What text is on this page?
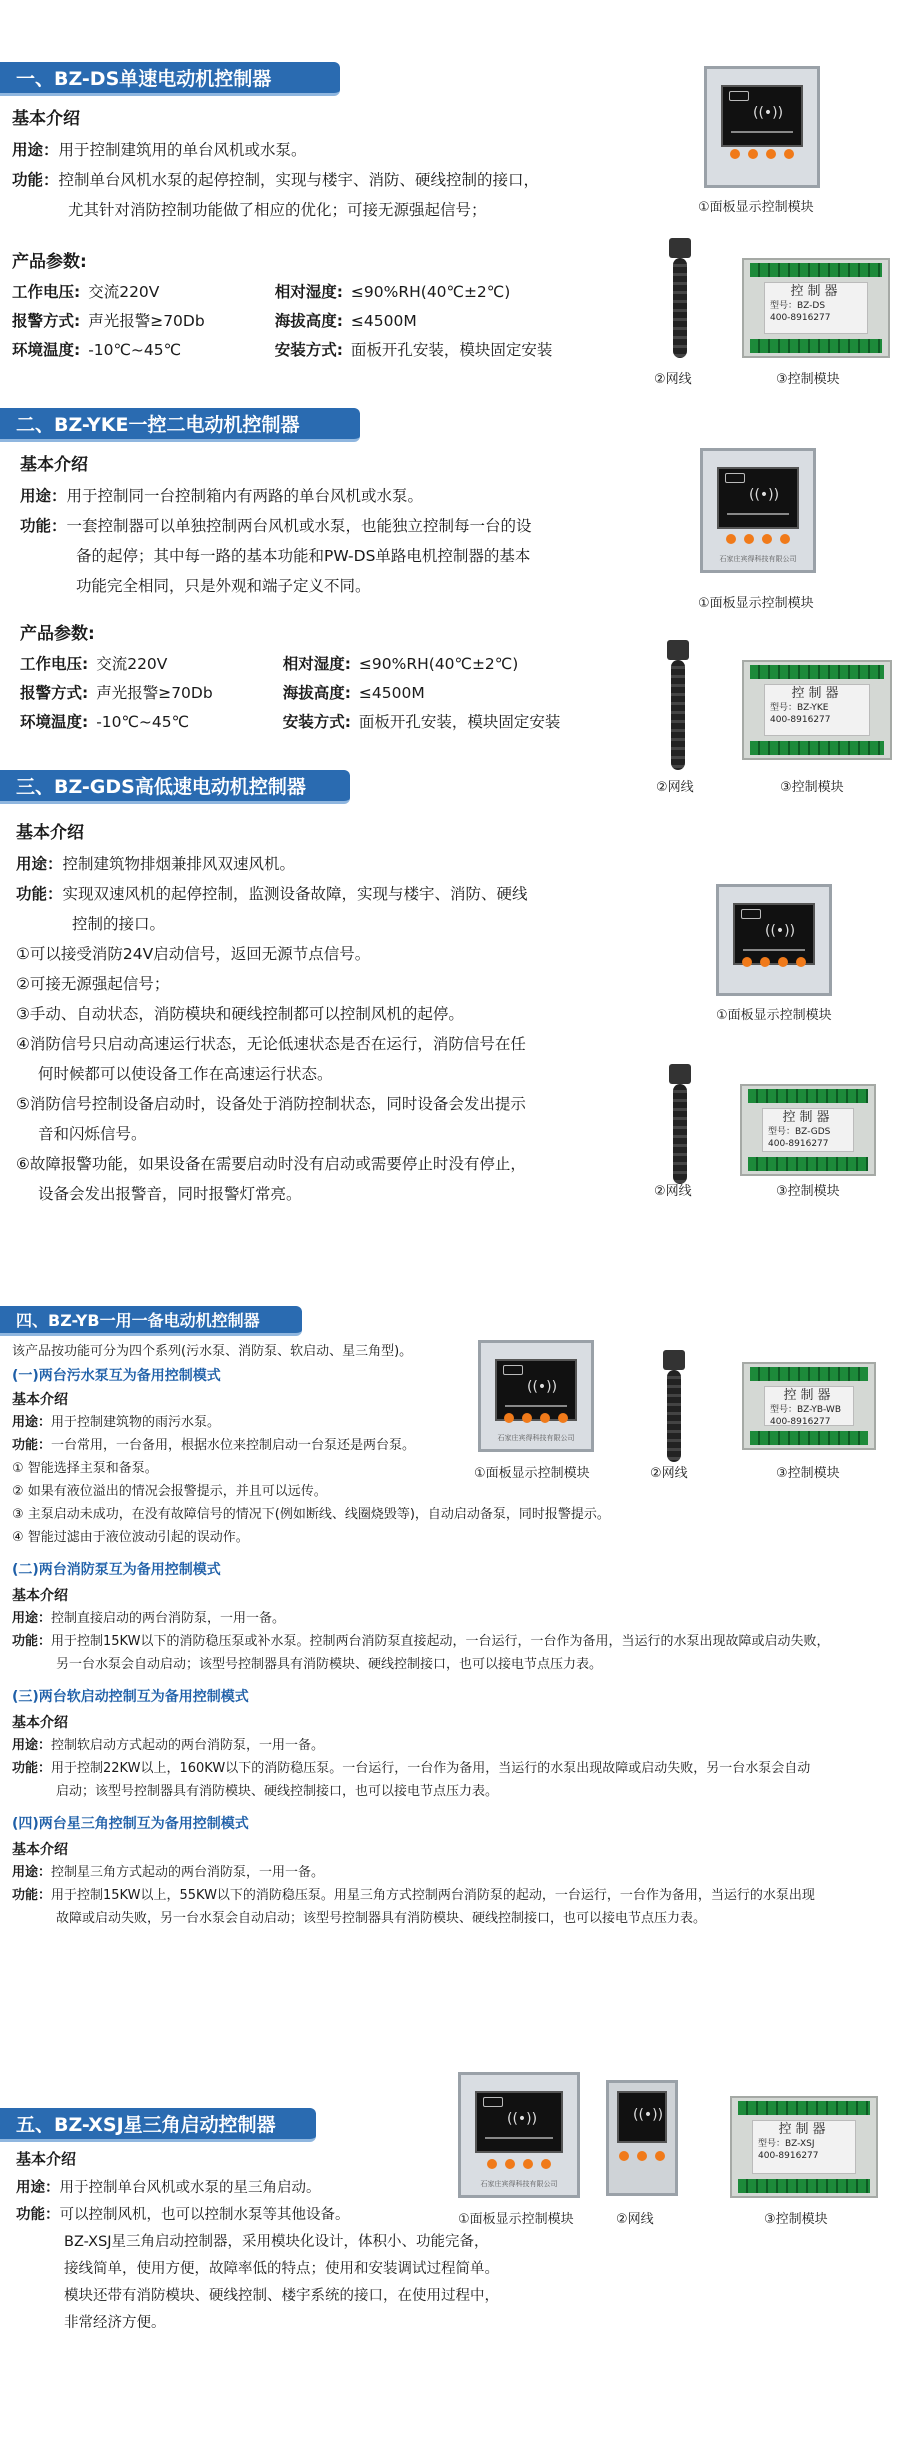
一、BZ-DS单速电动机控制器

基本介绍

用途：用于控制建筑用的单台风机或水泵。

功能：控制单台风机水泵的起停控制，实现与楼宇、消防、硬线控制的接口，

尤其针对消防控制功能做了相应的优化；可接无源强起信号；

产品参数:

工作电压:	交流220V	相对湿度:	≤90%RH(40℃±2℃)
报警方式:	声光报警≥70Db	海拔高度:	≤4500M
环境温度:	-10℃~45℃	安装方式:	面板开孔安装，模块固定安装
((•))
①面板显示控制模块
②网线
控制器
型号：BZ-DS
400-8916277
③控制模块
二、BZ-YKE一控二电动机控制器

基本介绍

用途：用于控制同一台控制箱内有两路的单台风机或水泵。

功能：一套控制器可以单独控制两台风机或水泵，也能独立控制每一台的设

备的起停；其中每一路的基本功能和PW-DS单路电机控制器的基本

功能完全相同，只是外观和端子定义不同。

产品参数:

工作电压:	交流220V	相对湿度:	≤90%RH(40℃±2℃)
报警方式:	声光报警≥70Db	海拔高度:	≤4500M
环境温度:	-10℃~45℃	安装方式:	面板开孔安装，模块固定安装
((•))
石家庄宾得科技有限公司
①面板显示控制模块
②网线
控制器
型号：BZ-YKE
400-8916277
③控制模块
三、BZ-GDS高低速电动机控制器

基本介绍

用途：控制建筑物排烟兼排风双速风机。

功能：实现双速风机的起停控制，监测设备故障，实现与楼宇、消防、硬线

控制的接口。

①可以接受消防24V启动信号，返回无源节点信号。

②可接无源强起信号；

③手动、自动状态，消防模块和硬线控制都可以控制风机的起停。

④消防信号只启动高速运行状态，无论低速状态是否在运行，消防信号在任

何时候都可以使设备工作在高速运行状态。

⑤消防信号控制设备启动时，设备处于消防控制状态，同时设备会发出提示

音和闪烁信号。

⑥故障报警功能，如果设备在需要启动时没有启动或需要停止时没有停止，

设备会发出报警音，同时报警灯常亮。

((•))
①面板显示控制模块
②网线
控制器
型号：BZ-GDS
400-8916277
③控制模块
四、BZ-YB一用一备电动机控制器

该产品按功能可分为四个系列(污水泵、消防泵、软启动、星三角型)。

(一)两台污水泵互为备用控制模式

基本介绍

用途：用于控制建筑物的雨污水泵。

功能：一台常用，一台备用，根据水位来控制启动一台泵还是两台泵。

① 智能选择主泵和备泵。

② 如果有液位溢出的情况会报警提示，并且可以远传。

③ 主泵启动未成功，在没有故障信号的情况下(例如断线、线圈烧毁等)，自动启动备泵，同时报警提示。

④ 智能过滤由于液位波动引起的误动作。

(二)两台消防泵互为备用控制模式

基本介绍

用途：控制直接启动的两台消防泵，一用一备。

功能：用于控制15KW以下的消防稳压泵或补水泵。控制两台消防泵直接起动，一台运行，一台作为备用，当运行的水泵出现故障或启动失败，

另一台水泵会自动启动；该型号控制器具有消防模块、硬线控制接口，也可以接电节点压力表。

(三)两台软启动控制互为备用控制模式

基本介绍

用途：控制软启动方式起动的两台消防泵，一用一备。

功能：用于控制22KW以上，160KW以下的消防稳压泵。一台运行，一台作为备用，当运行的水泵出现故障或启动失败，另一台水泵会自动

启动；该型号控制器具有消防模块、硬线控制接口，也可以接电节点压力表。

(四)两台星三角控制互为备用控制模式

基本介绍

用途：控制星三角方式起动的两台消防泵，一用一备。

功能：用于控制15KW以上，55KW以下的消防稳压泵。用星三角方式控制两台消防泵的起动，一台运行，一台作为备用，当运行的水泵出现

故障或启动失败，另一台水泵会自动启动；该型号控制器具有消防模块、硬线控制接口，也可以接电节点压力表。

((•))
石家庄宾得科技有限公司
①面板显示控制模块	②网线
控制器
型号：BZ-YB-WB
400-8916277
③控制模块
五、BZ-XSJ星三角启动控制器

基本介绍

用途：用于控制单台风机或水泵的星三角启动。

功能：可以控制风机，也可以控制水泵等其他设备。

BZ-XSJ星三角启动控制器，采用模块化设计，体积小、功能完备，

接线简单，使用方便，故障率低的特点；使用和安装调试过程简单。

模块还带有消防模块、硬线控制、楼宇系统的接口，在使用过程中，

非常经济方便。

((•))
石家庄宾得科技有限公司
①面板显示控制模块
((•))
②网线
控制器
型号：BZ-XSJ
400-8916277
③控制模块
